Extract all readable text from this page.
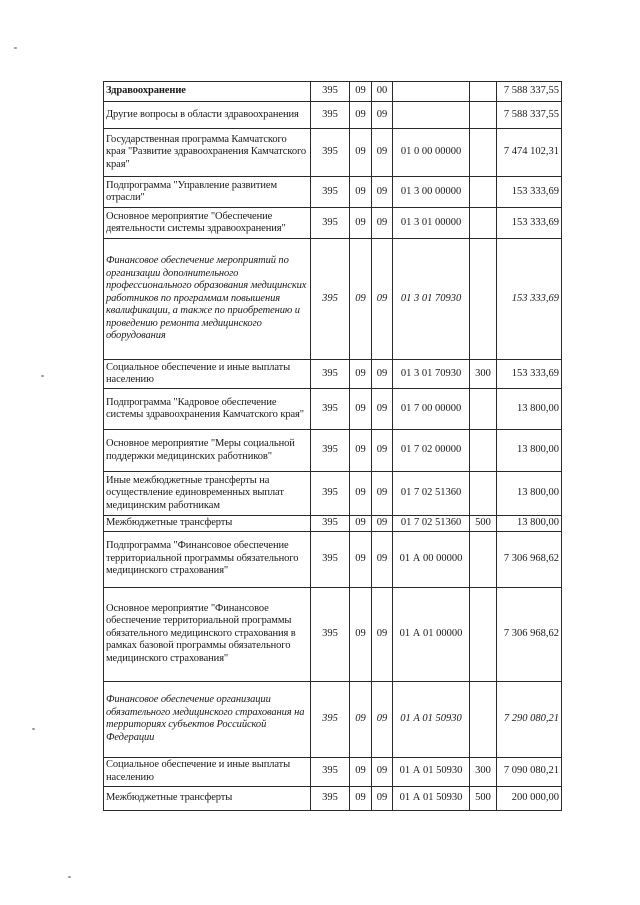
Здравоохранение	395	09	00			7 588 337,55
Другие вопросы в области здравоохранения	395	09	09			7 588 337,55
Государственная программа Камчатского края "Развитие здравоохранения Камчатского края"	395	09	09	01 0 00 00000		7 474 102,31
Подпрограмма "Управление развитием отрасли"	395	09	09	01 3 00 00000		153 333,69
Основное мероприятие "Обеспечение деятельности системы здравоохранения"	395	09	09	01 3 01 00000		153 333,69
Финансовое обеспечение мероприятий по организации дополнительного профессионального образования медицинских работников по программам повышения квалификации, а также по приобретению и проведению ремонта медицинского оборудования	395	09	09	01 3 01 70930		153 333,69
Социальное обеспечение и иные выплаты населению	395	09	09	01 3 01 70930	300	153 333,69
Подпрограмма "Кадровое обеспечение системы здравоохранения Камчатского края"	395	09	09	01 7 00 00000		13 800,00
Основное мероприятие "Меры социальной поддержки медицинских работников"	395	09	09	01 7 02 00000		13 800,00
Иные межбюджетные трансферты на осуществление единовременных выплат медицинским работникам	395	09	09	01 7 02 51360		13 800,00
Межбюджетные трансферты	395	09	09	01 7 02 51360	500	13 800,00
Подпрограмма "Финансовое обеспечение территориальной программы обязательного медицинского страхования"	395	09	09	01 А 00 00000		7 306 968,62
Основное мероприятие "Финансовое обеспечение территориальной программы обязательного медицинского страхования в рамках базовой программы обязательного медицинского страхования"	395	09	09	01 А 01 00000		7 306 968,62
Финансовое обеспечение организации обязательного медицинского страхования на территориях субъектов Российской Федерации	395	09	09	01 А 01 50930		7 290 080,21
Социальное обеспечение и иные выплаты населению	395	09	09	01 А 01 50930	300	7 090 080,21
Межбюджетные трансферты	395	09	09	01 А 01 50930	500	200 000,00
